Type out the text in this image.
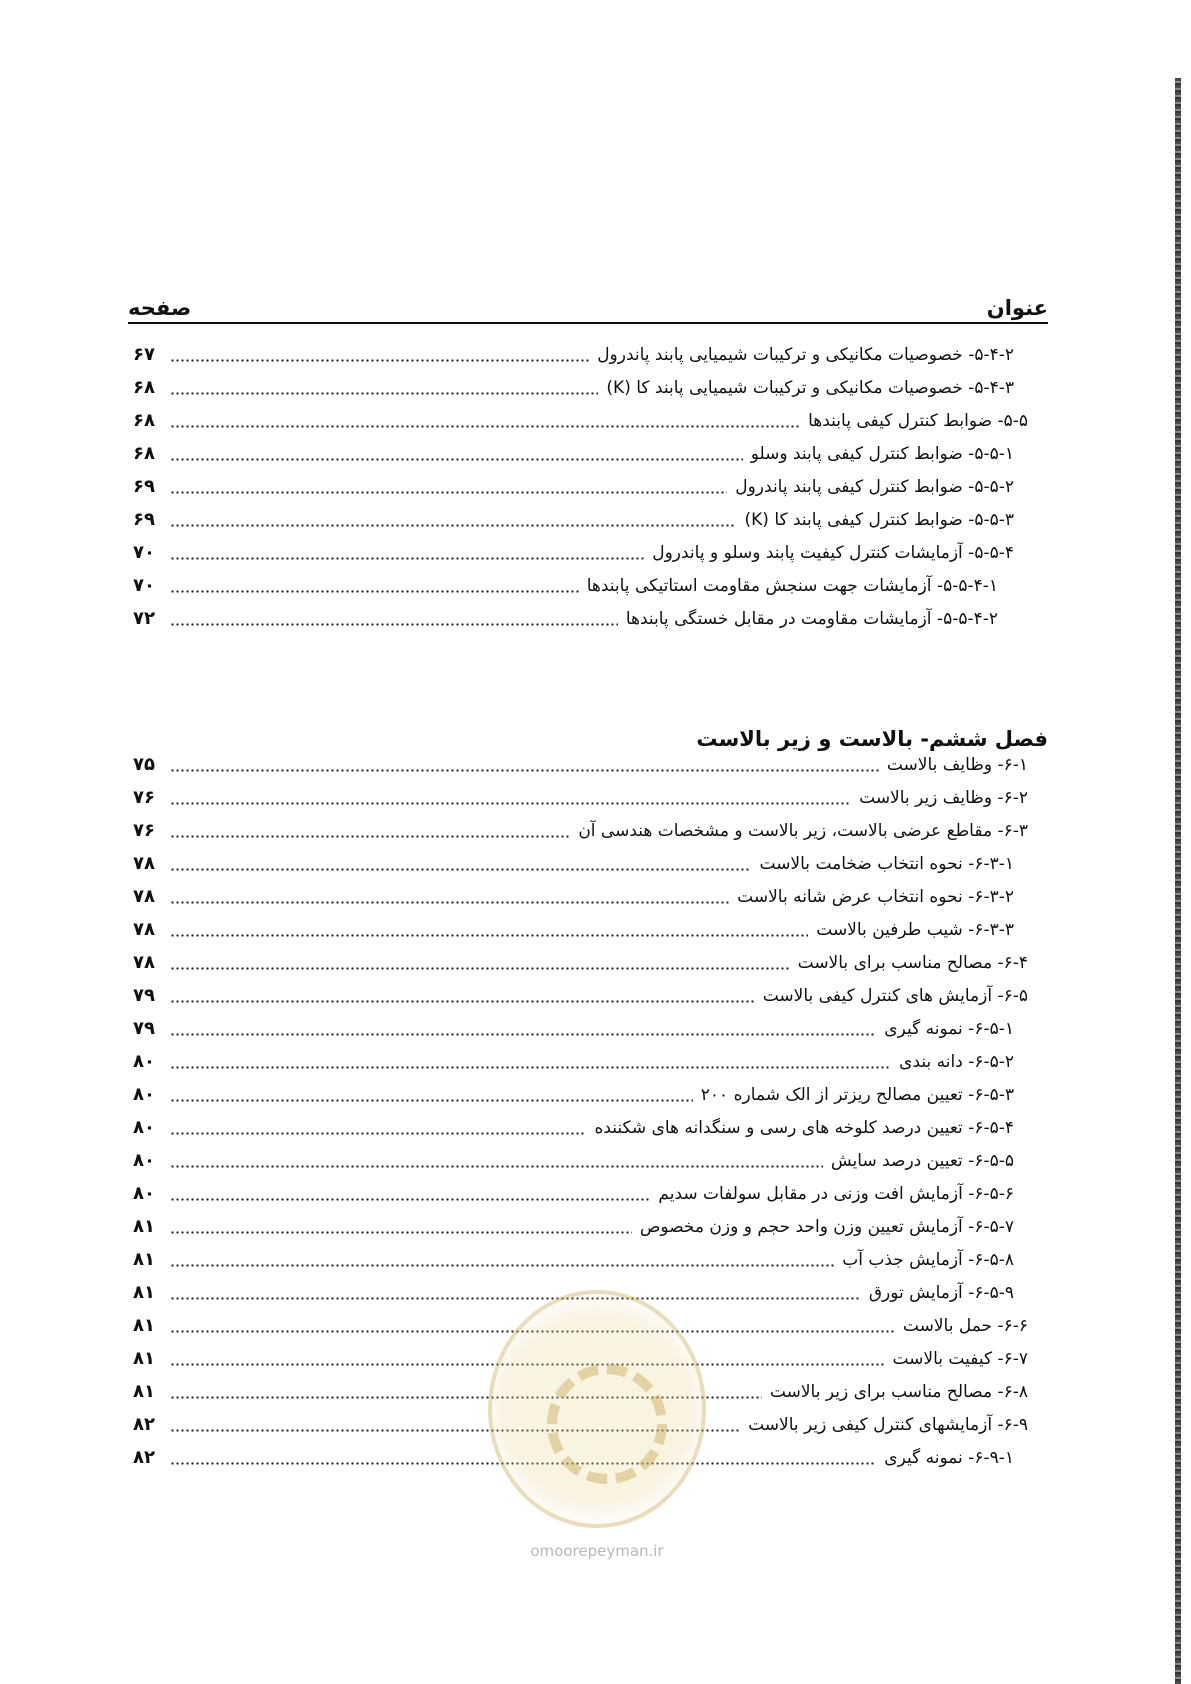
عنوان
صفحه
فصل ششم- بالاست و زیر بالاست
۵-۴-۲- خصوصیات مکانیکی و ترکیبات شیمیایی پابند پاندرول
۶۷
۵-۴-۳- خصوصیات مکانیکی و ترکیبات شیمیایی پابند کا (K)
۶۸
۵-۵- ضوابط کنترل کیفی پابندها
۶۸
۵-۵-۱- ضوابط کنترل کیفی پابند وسلو
۶۸
۵-۵-۲- ضوابط کنترل کیفی پابند پاندرول
۶۹
۵-۵-۳- ضوابط کنترل کیفی پابند کا (K)
۶۹
۵-۵-۴- آزمایشات کنترل کیفیت پابند وسلو و پاندرول
۷۰
۵-۵-۴-۱- آزمایشات جهت سنجش مقاومت استاتیکی پابندها
۷۰
۵-۵-۴-۲- آزمایشات مقاومت در مقابل خستگی پابندها
۷۲
۶-۱- وظایف بالاست
۷۵
۶-۲- وظایف زیر بالاست
۷۶
۶-۳- مقاطع عرضی بالاست، زیر بالاست و مشخصات هندسی آن
۷۶
۶-۳-۱- نحوه انتخاب ضخامت بالاست
۷۸
۶-۳-۲- نحوه انتخاب عرض شانه بالاست
۷۸
۶-۳-۳- شیب طرفین بالاست
۷۸
۶-۴- مصالح مناسب برای بالاست
۷۸
۶-۵- آزمایش های کنترل کیفی بالاست
۷۹
۶-۵-۱- نمونه گیری
۷۹
۶-۵-۲- دانه بندی
۸۰
۶-۵-۳- تعیین مصالح ریزتر از الک شماره ۲۰۰
۸۰
۶-۵-۴- تعیین درصد کلوخه های رسی و سنگدانه های شکننده
۸۰
۶-۵-۵- تعیین درصد سایش
۸۰
۶-۵-۶- آزمایش افت وزنی در مقابل سولفات سدیم
۸۰
۶-۵-۷- آزمایش تعیین وزن واحد حجم و وزن مخصوص
۸۱
۶-۵-۸- آزمایش جذب آب
۸۱
۶-۵-۹- آزمایش تورق
۸۱
۶-۶- حمل بالاست
۸۱
۶-۷- کیفیت بالاست
۸۱
۶-۸- مصالح مناسب برای زیر بالاست
۸۱
۶-۹- آزمایشهای کنترل کیفی زیر بالاست
۸۲
۶-۹-۱- نمونه گیری
۸۲
omoorepeyman.ir
